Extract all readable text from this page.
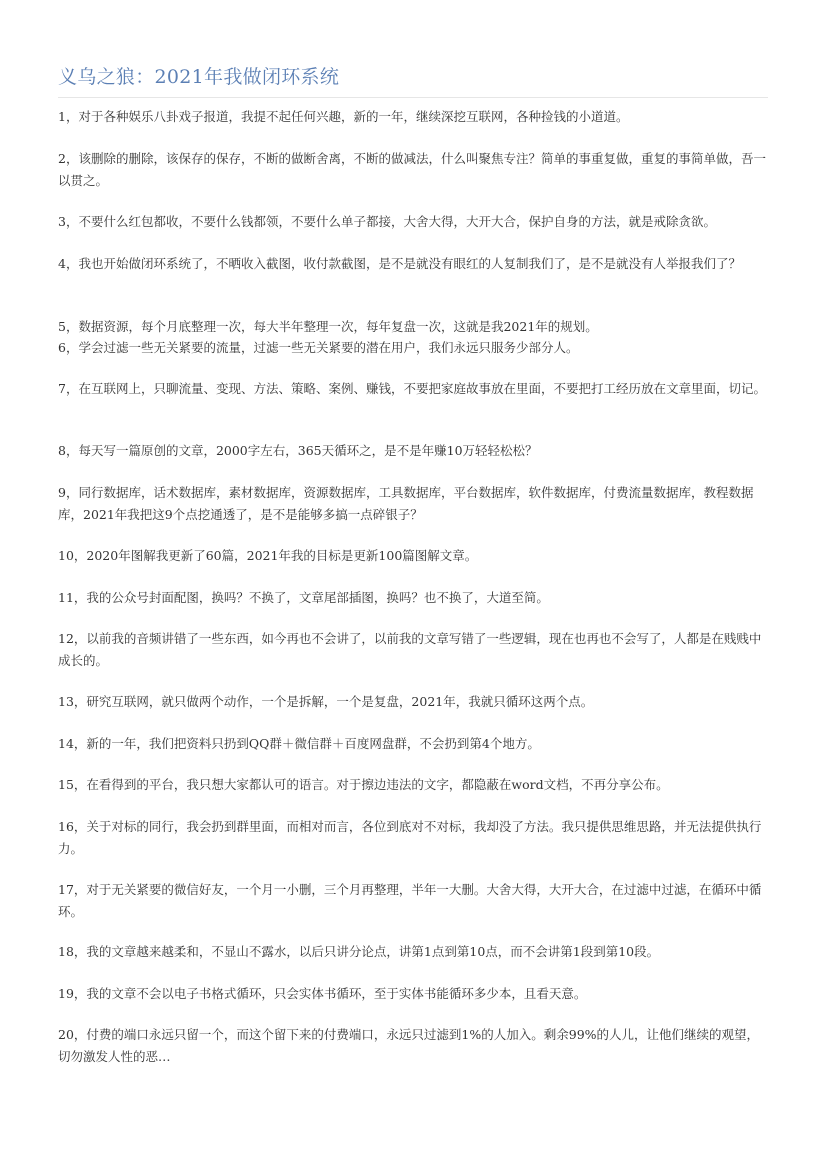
义乌之狼：2021年我做闭环系统

1，对于各种娱乐八卦戏子报道，我提不起任何兴趣，新的一年，继续深挖互联网，各种捡钱的小道道。

2，该删除的删除，该保存的保存，不断的做断舍离，不断的做减法，什么叫聚焦专注？简单的事重复做，重复的事简单做，吾一以贯之。

3，不要什么红包都收，不要什么钱都领，不要什么单子都接，大舍大得，大开大合，保护自身的方法，就是戒除贪欲。

4，我也开始做闭环系统了，不晒收入截图，收付款截图，是不是就没有眼红的人复制我们了，是不是就没有人举报我们了？

5，数据资源，每个月底整理一次，每大半年整理一次，每年复盘一次，这就是我2021年的规划。

6，学会过滤一些无关紧要的流量，过滤一些无关紧要的潜在用户，我们永远只服务少部分人。

7，在互联网上，只聊流量、变现、方法、策略、案例、赚钱，不要把家庭故事放在里面，不要把打工经历放在文章里面，切记。

8，每天写一篇原创的文章，2000字左右，365天循环之，是不是年赚10万轻轻松松？

9，同行数据库，话术数据库，素材数据库，资源数据库，工具数据库，平台数据库，软件数据库，付费流量数据库，教程数据库，2021年我把这9个点挖通透了，是不是能够多搞一点碎银子？

10，2020年图解我更新了60篇，2021年我的目标是更新100篇图解文章。

11，我的公众号封面配图，换吗？不换了，文章尾部插图，换吗？也不换了，大道至简。

12，以前我的音频讲错了一些东西，如今再也不会讲了，以前我的文章写错了一些逻辑，现在也再也不会写了，人都是在贱贱中成长的。

13，研究互联网，就只做两个动作，一个是拆解，一个是复盘，2021年，我就只循环这两个点。

14，新的一年，我们把资料只扔到QQ群＋微信群＋百度网盘群，不会扔到第4个地方。

15，在看得到的平台，我只想大家都认可的语言。对于擦边违法的文字，都隐蔽在word文档，不再分享公布。

16，关于对标的同行，我会扔到群里面，而相对而言，各位到底对不对标，我却没了方法。我只提供思维思路，并无法提供执行力。

17，对于无关紧要的微信好友，一个月一小删，三个月再整理，半年一大删。大舍大得，大开大合，在过滤中过滤，在循环中循环。

18，我的文章越来越柔和，不显山不露水，以后只讲分论点，讲第1点到第10点，而不会讲第1段到第10段。

19，我的文章不会以电子书格式循环，只会实体书循环，至于实体书能循环多少本，且看天意。

20，付费的端口永远只留一个，而这个留下来的付费端口，永远只过滤到1%的人加入。剩余99%的人儿，让他们继续的观望，切勿激发人性的恶…
